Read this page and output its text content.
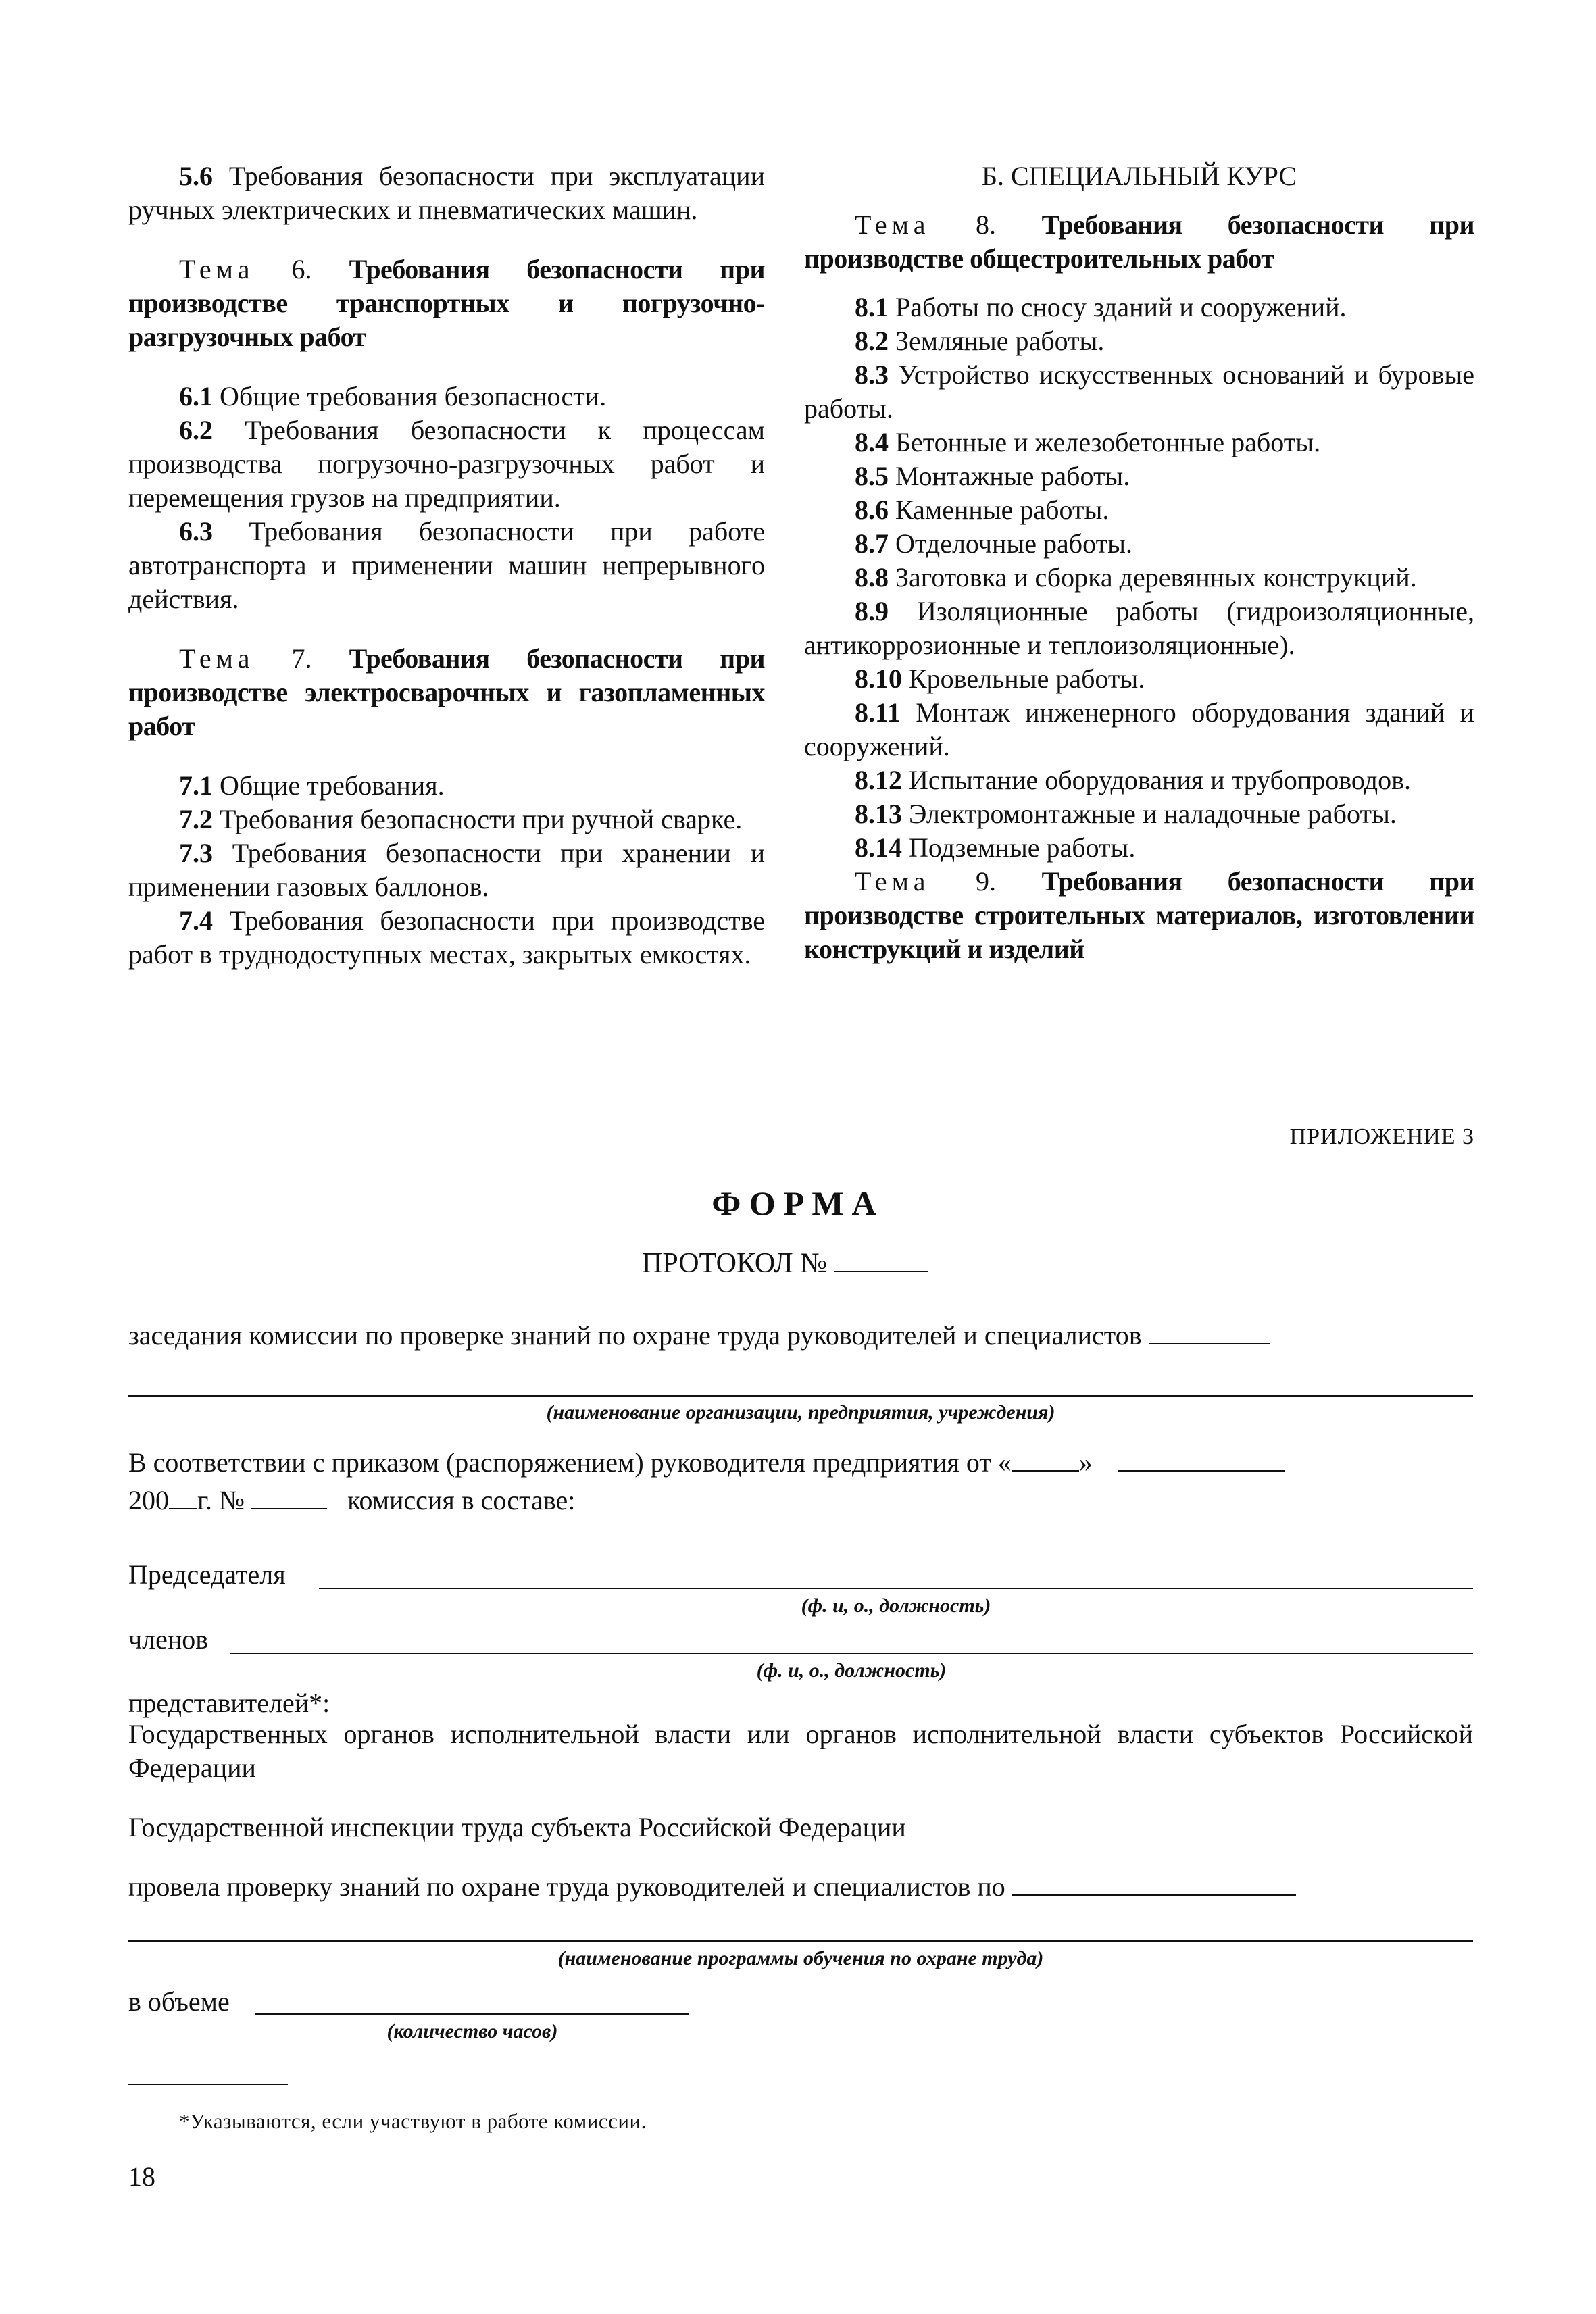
5.6 Требования безопасности при эксплуатации ручных электрических и пневматических машин.

Тема 6. Требования безопасности при производстве транспортных и погрузочно-разгрузочных работ

6.1 Общие требования безопасности.

6.2 Требования безопасности к процессам производства погрузочно-разгрузочных работ и перемещения грузов на предприятии.

6.3 Требования безопасности при работе автотранспорта и применении машин непрерывного действия.

Тема 7. Требования безопасности при производстве электросварочных и газопламенных работ

7.1 Общие требования.

7.2 Требования безопасности при ручной сварке.

7.3 Требования безопасности при хранении и применении газовых баллонов.

7.4 Требования безопасности при производстве работ в труднодоступных местах, закрытых емкостях.

Б. СПЕЦИАЛЬНЫЙ КУРС

Тема 8. Требования безопасности при производстве общестроительных работ

8.1 Работы по сносу зданий и сооружений.

8.2 Земляные работы.

8.3 Устройство искусственных оснований и буровые работы.

8.4 Бетонные и железобетонные работы.

8.5 Монтажные работы.

8.6 Каменные работы.

8.7 Отделочные работы.

8.8 Заготовка и сборка деревянных конструкций.

8.9 Изоляционные работы (гидроизоляционные, антикоррозионные и теплоизоляционные).

8.10 Кровельные работы.

8.11 Монтаж инженерного оборудования зданий и сооружений.

8.12 Испытание оборудования и трубопроводов.

8.13 Электромонтажные и наладочные работы.

8.14 Подземные работы.

Тема 9. Требования безопасности при производстве строительных материалов, изготовлении конструкций и изделий

ПРИЛОЖЕНИЕ 3
ФОРМА
ПРОТОКОЛ №
заседания комиссии по проверке знаний по охране труда руководителей и специалистов
(наименование организации, предприятия, учреждения)
В соответствии с приказом (распоряжением) руководителя предприятия от «	»
200 г. №	комиссия в составе:
Председателя
(ф. и, о., должность)
членов
(ф. и, о., должность)
представителей*:
Государственных органов исполнительной власти или органов исполнительной власти субъектов Российской Федерации
Государственной инспекции труда субъекта Российской Федерации
провела проверку знаний по охране труда руководителей и специалистов по
(наименование программы обучения по охране труда)
в объеме
(количество часов)
*Указываются, если участвуют в работе комиссии.
18
